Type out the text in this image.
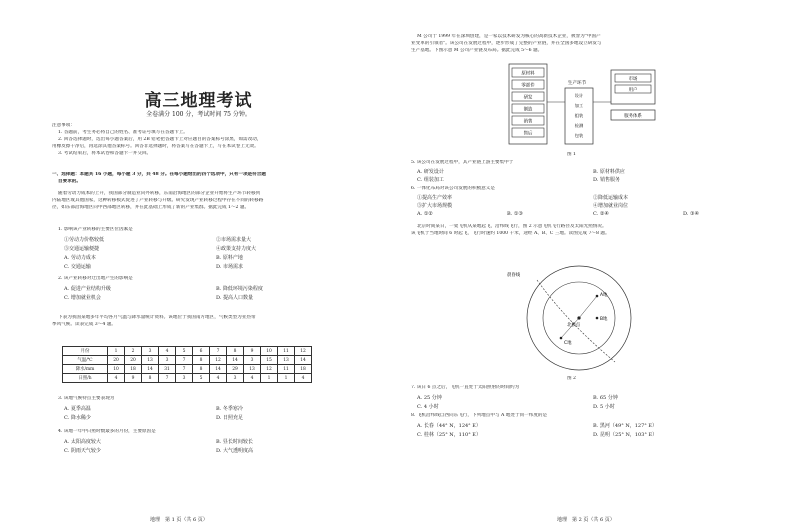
高三地理考试
全卷满分 100 分，考试时间 75 分钟。
注意事项：
1. 答题前，考生务必将自己的姓名、准考证号填写在答题卡上。
2. 回答选择题时，选出每小题答案后，用 2B 铅笔把答题卡上对应题目的答案标号涂黑，如需改动，
用橡皮擦干净后，再选涂其他答案标号。回答非选择题时，将答案写在答题卡上，写在本试卷上无效。
3. 考试结束后，将本试卷和答题卡一并交回。
一、选择题：本题共 16 小题，每小题 3 分，共 48 分。在每小题给出的四个选项中，只有一项是符合题
目要求的。
随着劳动力成本的上升，我国部分制造业向外转移，东南沿海地区的部分企业开始将生产环节转移到
内陆地区或其他国家，这种转移模式促进了产业转移与升级。研究发现产业转移过程中存在不同的转移路
径，如东部沿海地区向中西部地区转移，并在此基础上形成了新的产业集群。据此完成 1～2 题。
1. 影响该产业转移的主要区位因素是
①劳动力价格较低	②市场需求量大
③交通运输便捷	④政策支持力度大
A. 劳动力成本	B. 原料产地
C. 交通运输	D. 市场需求
2. 该产业转移对迁出地产生的影响是
A. 促进产业结构升级	B. 降低环境污染程度
C. 增加就业机会	D. 提高人口数量
下表为我国某地多年平均各月气温与降水量统计资料。该地位于我国南方地区，气候类型为亚热带
季风气候。读表完成 3～4 题。
月份	1	2	3	4	5	6	7	8	9	10	11	12
气温/℃	20	20	13	3	7	8	12	14	3	15	13	14
降水/mm	10	18	14	31	7	8	14	29	13	12	11	18
日照/h	4	9	8	7	3	5	4	3	4	1	1	4
3. 该地气候特点主要表现为
A. 夏季高温	B. 冬季寒冷
C. 降水稀少	D. 日照充足
4. 该地一年中日照时数最多的月份，主要原因是
A. 太阳高度较大	B. 昼长时间较长
C. 阴雨天气较少	D. 大气透明度高
地理　第 1 页（共 6 页）
M 公司于 1999 年在深圳创建，是一家以技术研发为核心的高新技术企业，被誉为"中国产
业变革的引领者"。该公司在发展过程中，逐步形成了完整的产业链，并在全国多地设立研发与
生产基地。下图示意 M 公司产业链及布局。据此完成 5～6 题。
原材料
零部件
研发
制造
销售
售后
生产环节
设计
加工
组装
检测
包装
市场
用户
服务体系
图 1
5. 该公司在发展过程中，其产业链上游主要集中于
A. 研发设计	B. 原材料供应
C. 组装加工	D. 销售服务
6. 一体化布局对该公司发展的积极意义是
①提高生产效率	②降低运输成本
③扩大市场规模	④增加就业岗位
A. ①②	B. ①③	C. ②④	D. ③④
北京时间某日，一架飞机从某地起飞，沿纬线飞行，图 2 示意飞机飞行路径及太阳光照情况。
该飞机于当地时间 6 时起飞，飞行时速约 1000 千米，途经 A、B、C 三地。读图完成 7～8 题。
晨昏线
A地
B地
C地
北极点
图 2
7. 该日 6 点之后，飞机一直处于太阳照射的时间约为
A. 25 分钟	B. 65 分钟
C. 4 小时	D. 5 小时
8. 飞机沿纬线自西向东飞行，下列地点中与 A 地处于同一纬度的是
A. 长春（44° N，124° E）	B. 黑河（49° N，127° E）
C. 桂林（25° N，110° E）	D. 昆明（25° N，103° E）
地理　第 2 页（共 6 页）
